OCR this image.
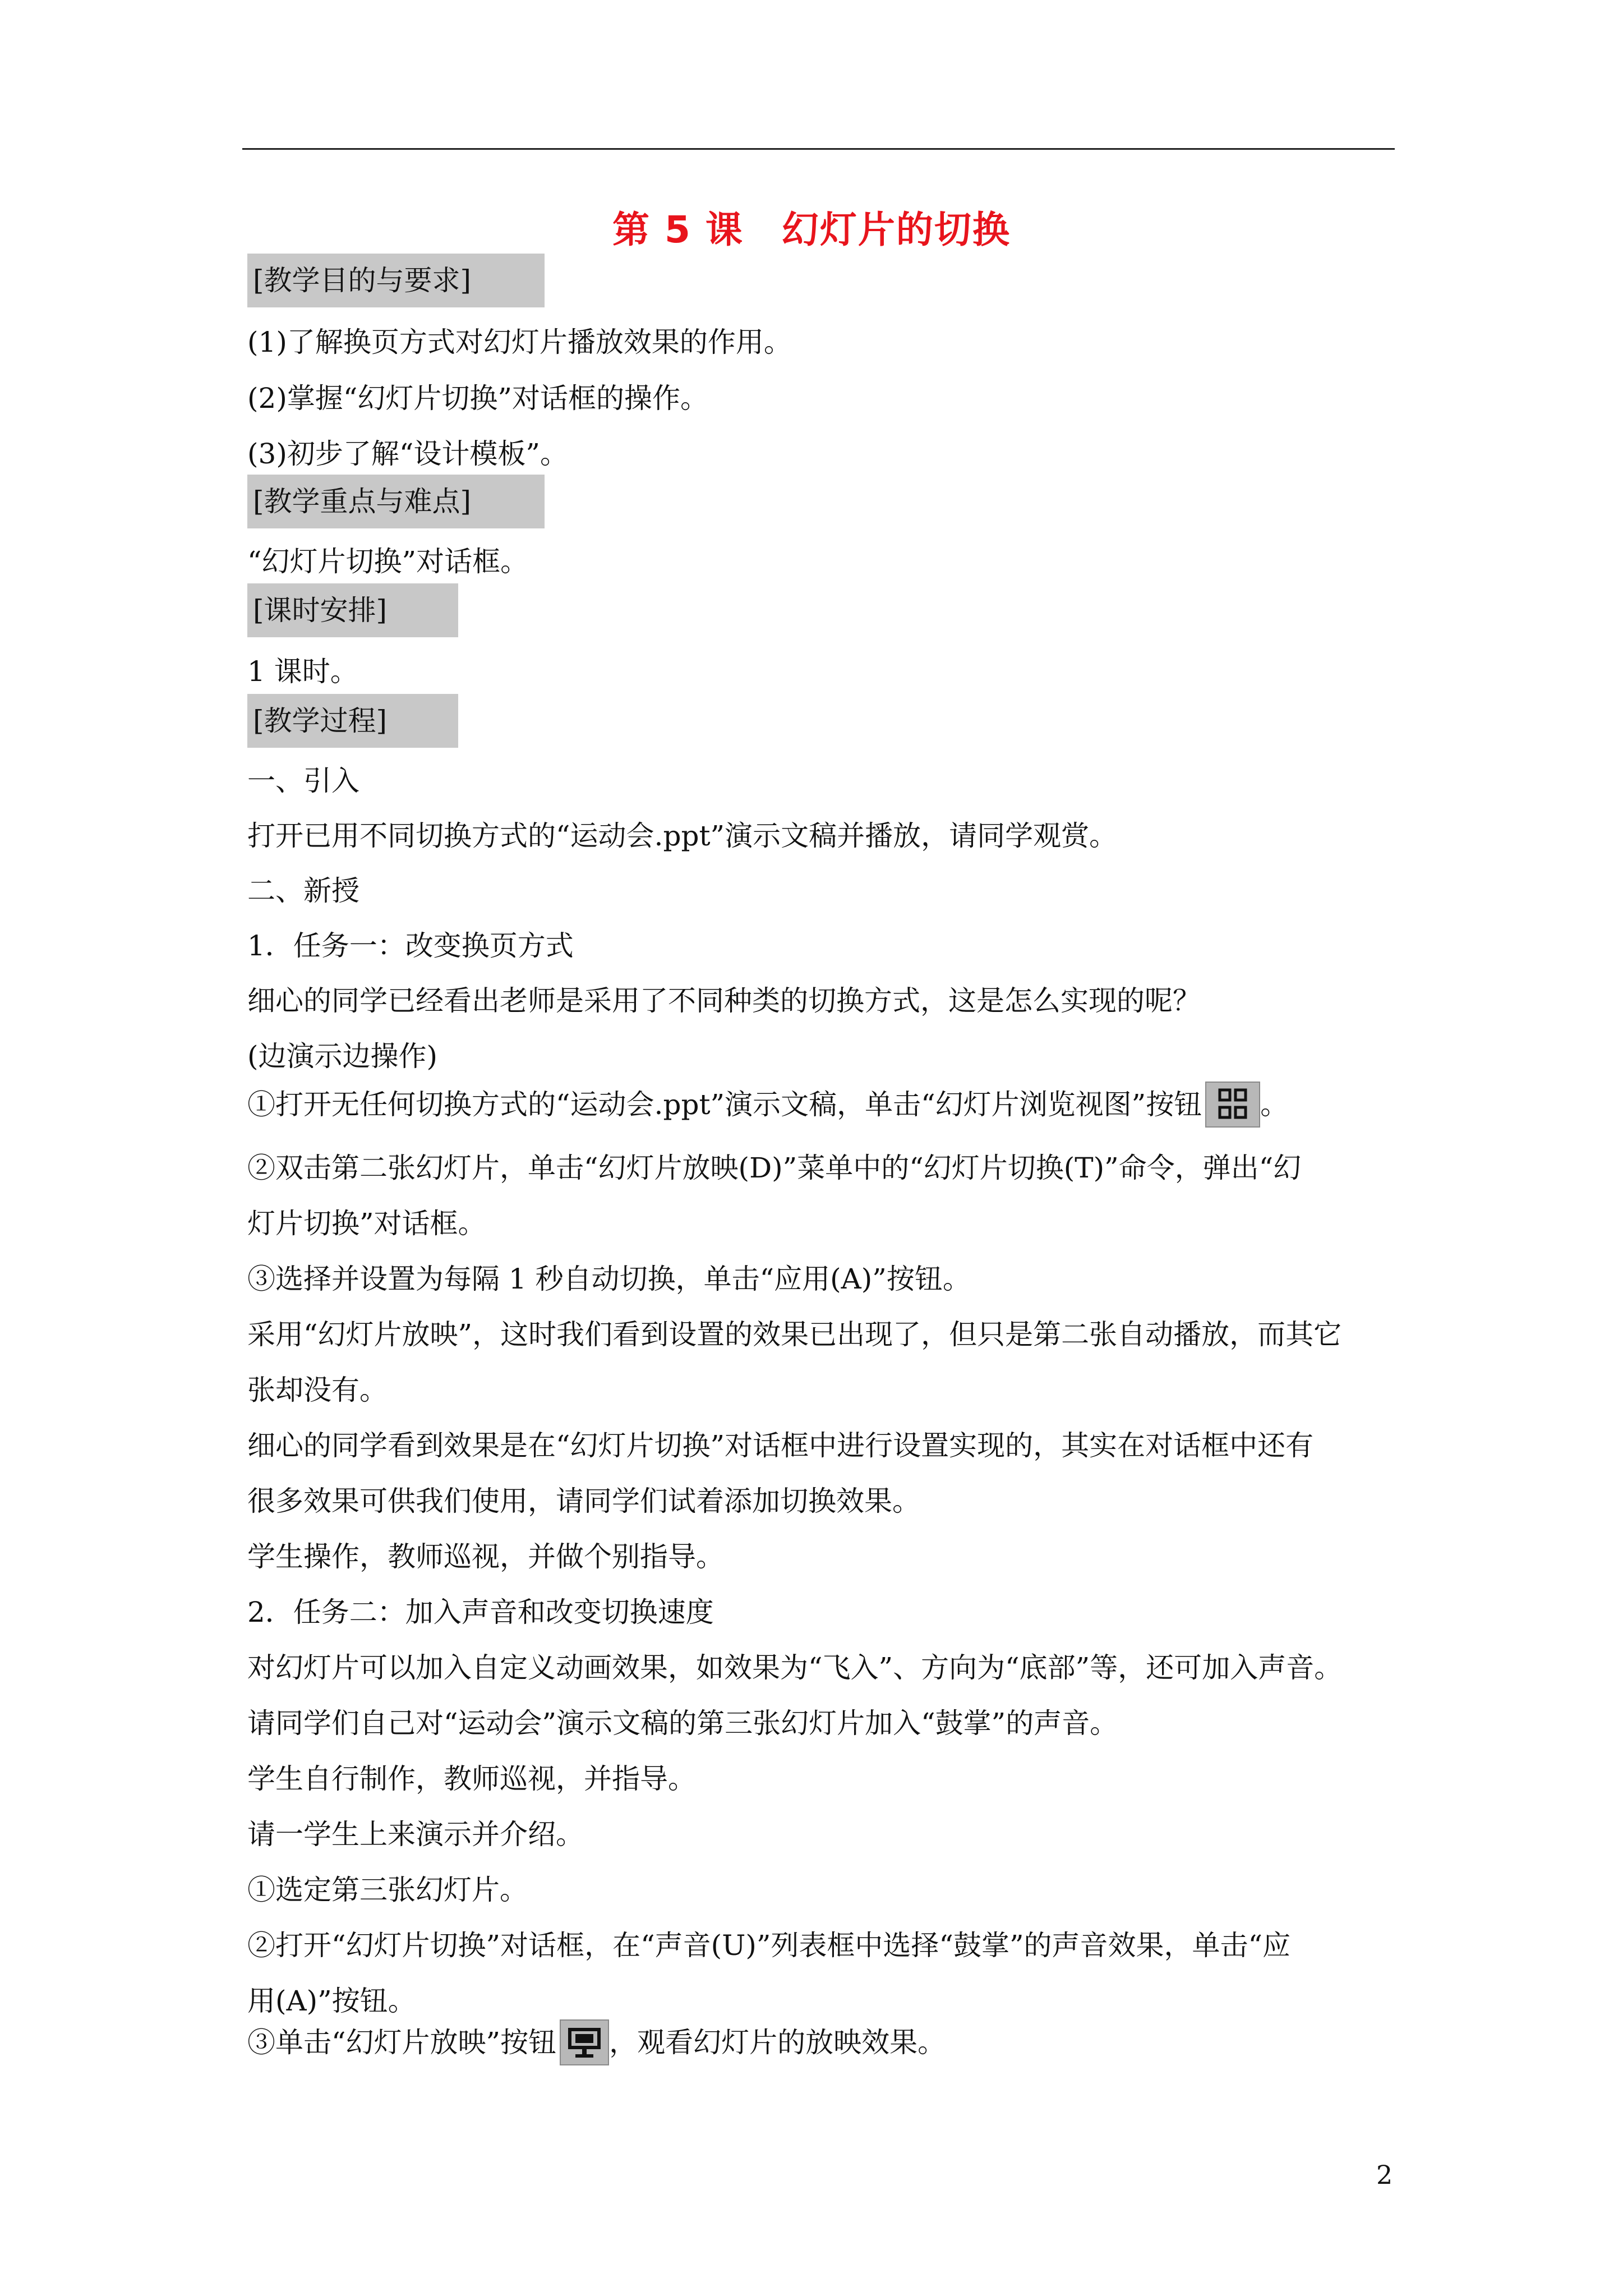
第 5 课　幻灯片的切换
[教学目的与要求]
(1)了解换页方式对幻灯片播放效果的作用。
(2)掌握“幻灯片切换”对话框的操作。
(3)初步了解“设计模板”。
[教学重点与难点]
“幻灯片切换”对话框。
[课时安排]
1 课时。
[教学过程]
一、引入
打开已用不同切换方式的“运动会.ppt”演示文稿并播放，请同学观赏。
二、新授
1．任务一：改变换页方式
细心的同学已经看出老师是采用了不同种类的切换方式，这是怎么实现的呢？
(边演示边操作)
①打开无任何切换方式的“运动会.ppt”演示文稿，单击“幻灯片浏览视图”按钮 。
②双击第二张幻灯片，单击“幻灯片放映(D)”菜单中的“幻灯片切换(T)”命令，弹出“幻
灯片切换”对话框。
③选择并设置为每隔 1 秒自动切换，单击“应用(A)”按钮。
采用“幻灯片放映”，这时我们看到设置的效果已出现了，但只是第二张自动播放，而其它
张却没有。
细心的同学看到效果是在“幻灯片切换”对话框中进行设置实现的，其实在对话框中还有
很多效果可供我们使用，请同学们试着添加切换效果。
学生操作，教师巡视，并做个别指导。
2．任务二：加入声音和改变切换速度
对幻灯片可以加入自定义动画效果，如效果为“飞入”、方向为“底部”等，还可加入声音。
请同学们自己对“运动会”演示文稿的第三张幻灯片加入“鼓掌”的声音。
学生自行制作，教师巡视，并指导。
请一学生上来演示并介绍。
①选定第三张幻灯片。
②打开“幻灯片切换”对话框，在“声音(U)”列表框中选择“鼓掌”的声音效果，单击“应
用(A)”按钮。
③单击“幻灯片放映”按钮 ，观看幻灯片的放映效果。
2
